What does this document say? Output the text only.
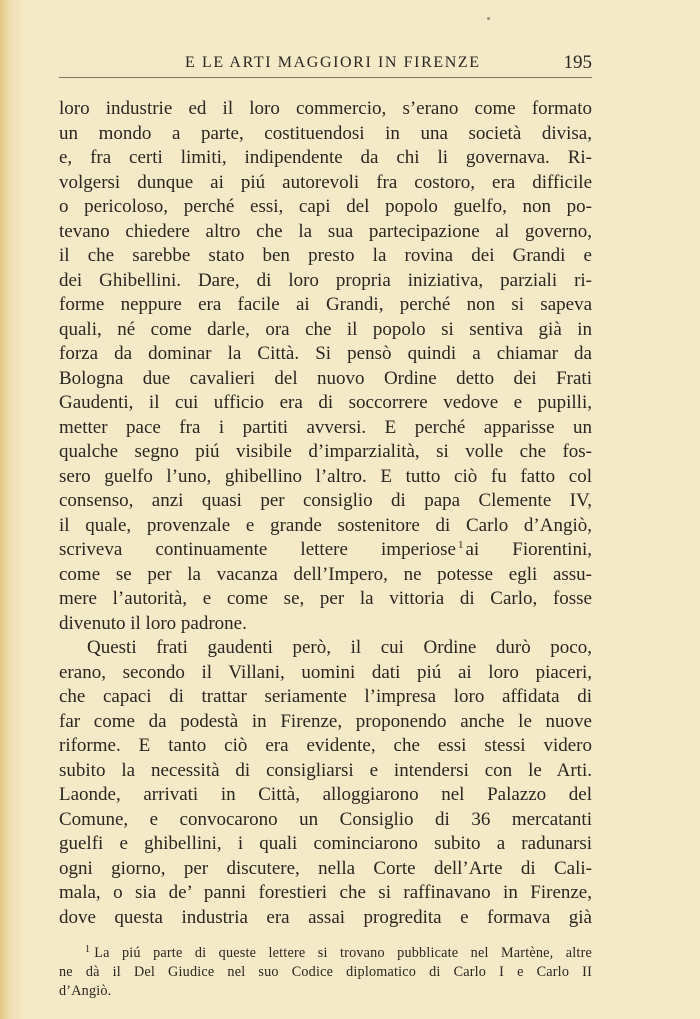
E LE ARTI MAGGIORI IN FIRENZE	195
loro industrie ed il loro commercio, s’erano come formato
un mondo a parte, costituendosi in una società divisa,
e, fra certi limiti, indipendente da chi li governava. Ri-
volgersi dunque ai piú autorevoli fra costoro, era difficile
o pericoloso, perché essi, capi del popolo guelfo, non po-
tevano chiedere altro che la sua partecipazione al governo,
il che sarebbe stato ben presto la rovina dei Grandi e
dei Ghibellini. Dare, di loro propria iniziativa, parziali ri-
forme neppure era facile ai Grandi, perché non si sapeva
quali, né come darle, ora che il popolo si sentiva già in
forza da dominar la Città. Si pensò quindi a chiamar da
Bologna due cavalieri del nuovo Ordine detto dei Frati
Gaudenti, il cui ufficio era di soccorrere vedove e pupilli,
metter pace fra i partiti avversi. E perché apparisse un
qualche segno piú visibile d’imparzialità, si volle che fos-
sero guelfo l’uno, ghibellino l’altro. E tutto ciò fu fatto col
consenso, anzi quasi per consiglio di papa Clemente IV,
il quale, provenzale e grande sostenitore di Carlo d’Angiò,
scriveva continuamente lettere imperiose $^1$ ai Fiorentini,
come se per la vacanza dell’Impero, ne potesse egli assu-
mere l’autorità, e come se, per la vittoria di Carlo, fosse
divenuto il loro padrone.
Questi frati gaudenti però, il cui Ordine durò poco,
erano, secondo il Villani, uomini dati piú ai loro piaceri,
che capaci di trattar seriamente l’impresa loro affidata di
far come da podestà in Firenze, proponendo anche le nuove
riforme. E tanto ciò era evidente, che essi stessi videro
subito la necessità di consigliarsi e intendersi con le Arti.
Laonde, arrivati in Città, alloggiarono nel Palazzo del
Comune, e convocarono un Consiglio di 36 mercatanti
guelfi e ghibellini, i quali cominciarono subito a radunarsi
ogni giorno, per discutere, nella Corte dell’Arte di Cali-
mala, o sia de’ panni forestieri che si raffinavano in Firenze,
dove questa industria era assai progredita e formava già
$^1$ La piú parte di queste lettere si trovano pubblicate nel Martène, altre
ne dà il Del Giudice nel suo Codice diplomatico di Carlo I e Carlo II
d’Angiò.
